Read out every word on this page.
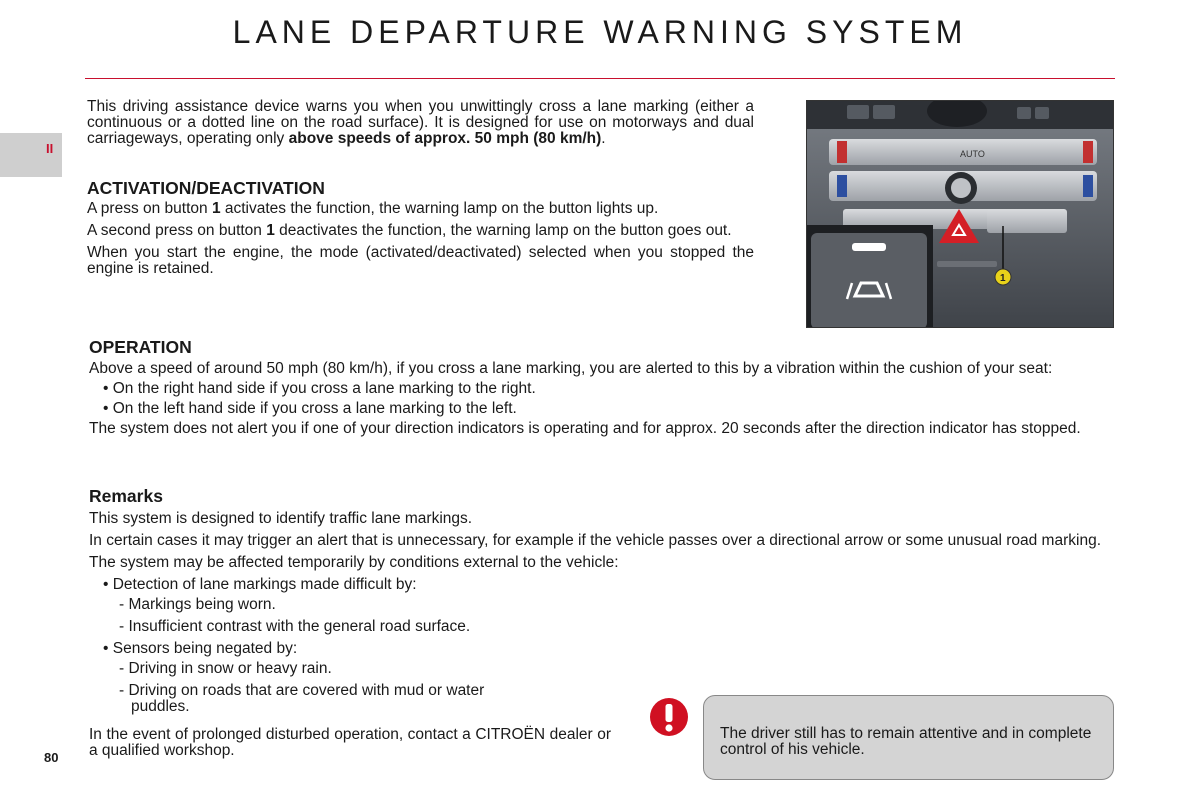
LANE DEPARTURE WARNING SYSTEM
II

This driving assistance device warns you when you unwittingly cross a lane marking (either a continuous or a dotted line on the road surface). It is designed for use on motorways and dual carriageways, operating only above speeds of approx. 50 mph (80 km/h).

ACTIVATION/DEACTIVATION

A press on button 1 activates the function, the warning lamp on the button lights up.

A second press on button 1 deactivates the function, the warning lamp on the button goes out.

When you start the engine, the mode (activated/deactivated) selected when you stopped the engine is retained.

AUTO
1
OPERATION

Above a speed of around 50 mph (80 km/h), if you cross a lane marking, you are alerted to this by a vibration within the cushion of your seat:

• On the right hand side if you cross a lane marking to the right.

• On the left hand side if you cross a lane marking to the left.

The system does not alert you if one of your direction indicators is operating and for approx. 20 seconds after the direction indicator has stopped.

Remarks

This system is designed to identify traffic lane markings.

In certain cases it may trigger an alert that is unnecessary, for example if the vehicle passes over a directional arrow or some unusual road marking.

The system may be affected temporarily by conditions external to the vehicle:

• Detection of lane markings made difficult by:

- Markings being worn.

- Insufficient contrast with the general road surface.

• Sensors being negated by:

- Driving in snow or heavy rain.

- Driving on roads that are covered with mud or water

puddles.

In the event of prolonged disturbed operation, contact a CITROËN dealer or a qualified workshop.

The driver still has to remain attentive and in complete control of his vehicle.
80
